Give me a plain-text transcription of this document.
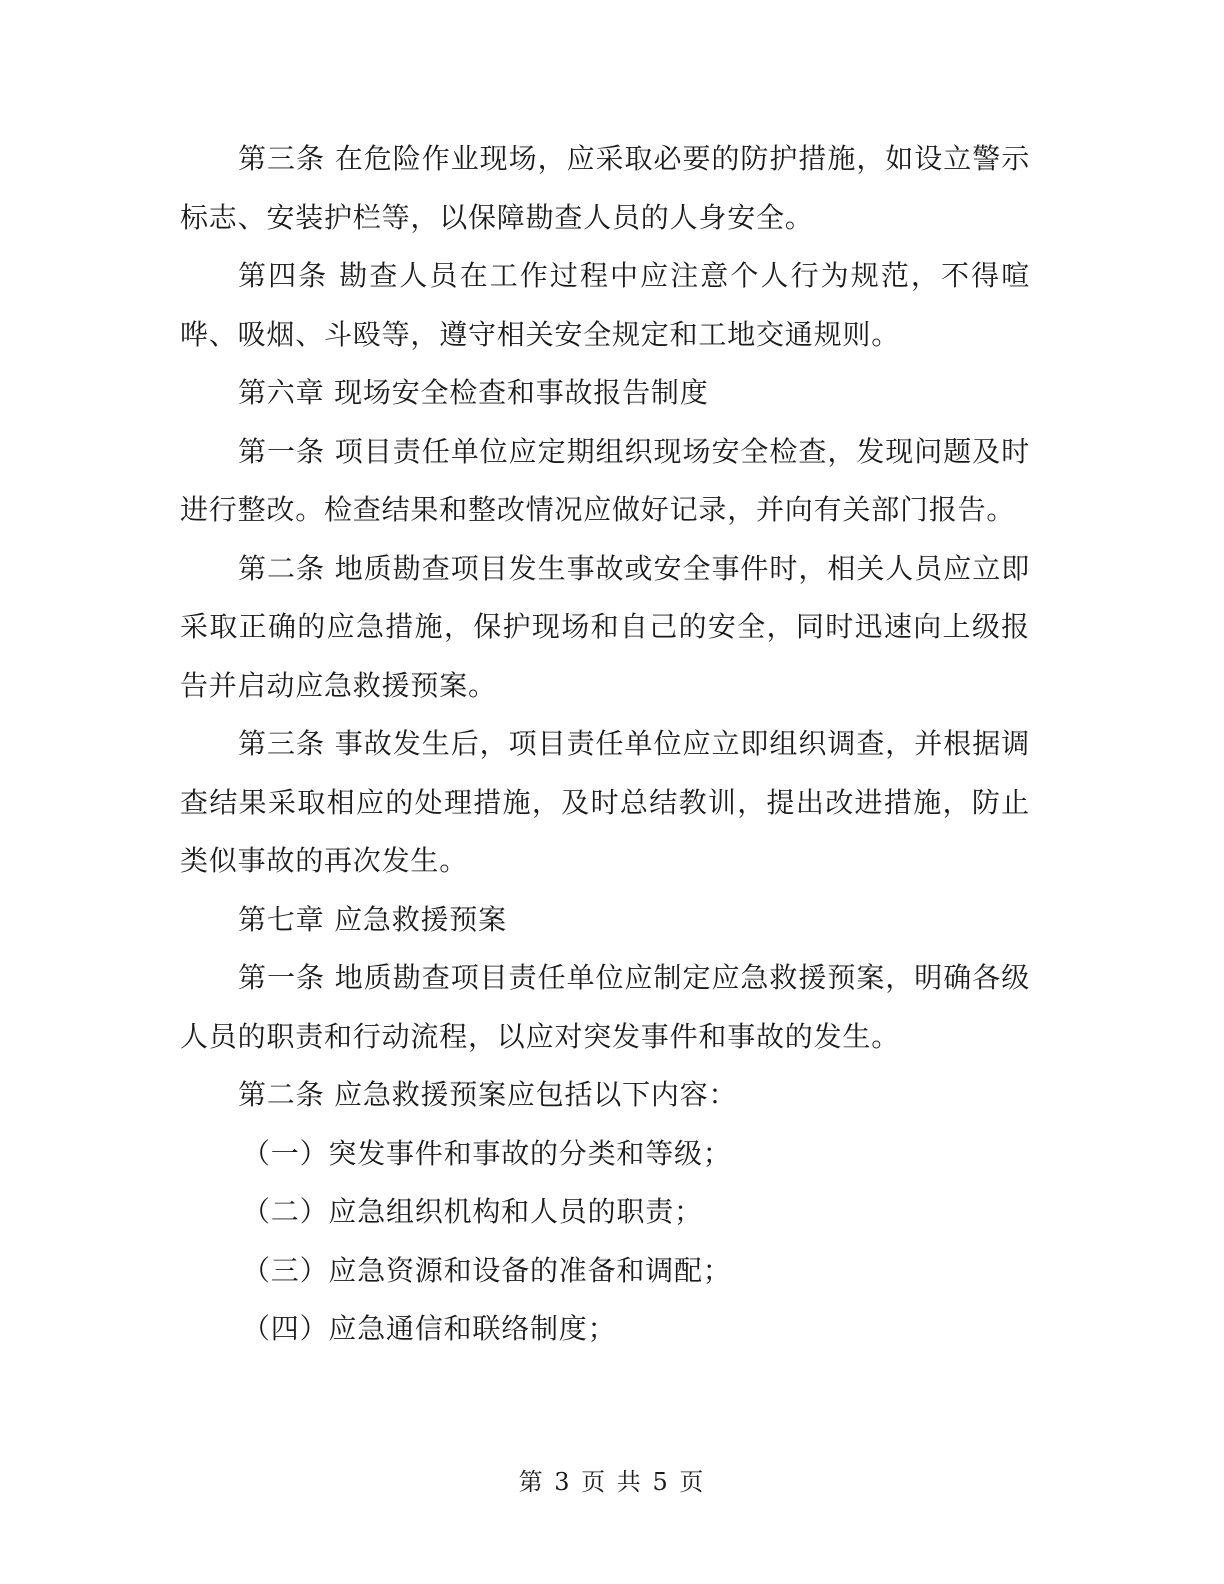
第三条 在危险作业现场，应采取必要的防护措施，如设立警示标志、安装护栏等，以保障勘查人员的人身安全。

第四条 勘查人员在工作过程中应注意个人行为规范，不得喧哗、吸烟、斗殴等，遵守相关安全规定和工地交通规则。

第六章 现场安全检查和事故报告制度

第一条 项目责任单位应定期组织现场安全检查，发现问题及时进行整改。检查结果和整改情况应做好记录，并向有关部门报告。

第二条 地质勘查项目发生事故或安全事件时，相关人员应立即采取正确的应急措施，保护现场和自己的安全，同时迅速向上级报告并启动应急救援预案。

第三条 事故发生后，项目责任单位应立即组织调查，并根据调查结果采取相应的处理措施，及时总结教训，提出改进措施，防止类似事故的再次发生。

第七章 应急救援预案

第一条 地质勘查项目责任单位应制定应急救援预案，明确各级人员的职责和行动流程，以应对突发事件和事故的发生。

第二条 应急救援预案应包括以下内容：

（一）突发事件和事故的分类和等级；

（二）应急组织机构和人员的职责；

（三）应急资源和设备的准备和调配；

（四）应急通信和联络制度；

第 3 页 共 5 页
